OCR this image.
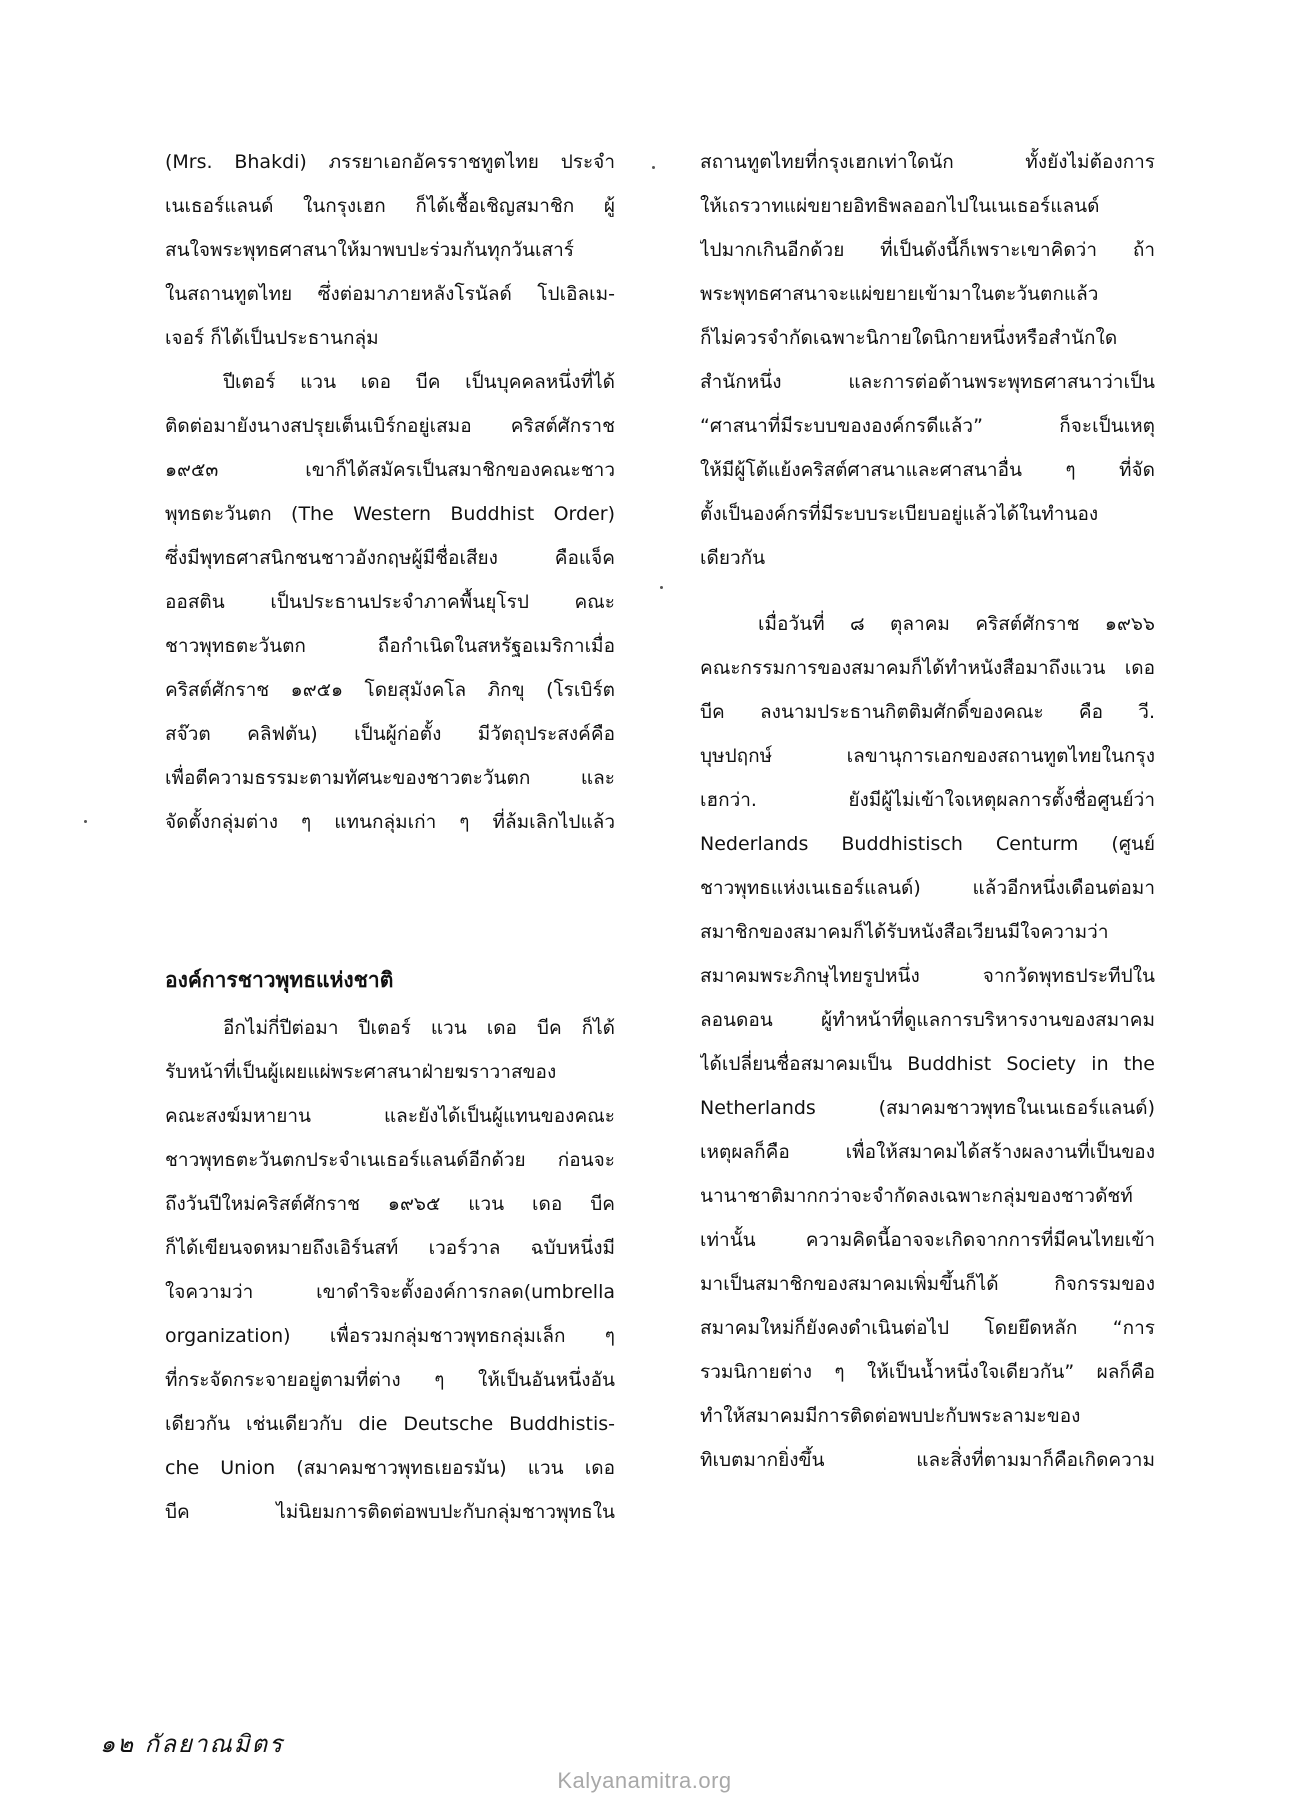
(Mrs. Bhakdi) ภรรยาเอกอัครราชทูตไทย ประจำ
เนเธอร์แลนด์ ในกรุงเฮก ก็ได้เชื้อเชิญสมาชิก ผู้
สนใจพระพุทธศาสนาให้มาพบปะร่วมกันทุกวันเสาร์
ในสถานทูตไทย ซึ่งต่อมาภายหลังโรนัลด์ โปเอิลเม-
เจอร์ ก็ได้เป็นประธานกลุ่ม
ปีเตอร์ แวน เดอ บีค เป็นบุคคลหนึ่งที่ได้
ติดต่อมายังนางสปรุยเต็นเบิร์กอยู่เสมอ คริสต์ศักราช
๑๙๕๓ เขาก็ได้สมัครเป็นสมาชิกของคณะชาว
พุทธตะวันตก (The Western Buddhist Order)
ซึ่งมีพุทธศาสนิกชนชาวอังกฤษผู้มีชื่อเสียง คือแจ็ค
ออสติน เป็นประธานประจำภาคพื้นยุโรป คณะ
ชาวพุทธตะวันตก ถือกำเนิดในสหรัฐอเมริกาเมื่อ
คริสต์ศักราช ๑๙๕๑ โดยสุมังคโล ภิกขุ (โรเบิร์ต
สจ๊วต คลิฟตัน) เป็นผู้ก่อตั้ง มีวัตถุประสงค์คือ
เพื่อตีความธรรมะตามทัศนะของชาวตะวันตก และ
จัดตั้งกลุ่มต่าง ๆ แทนกลุ่มเก่า ๆ ที่ล้มเลิกไปแล้ว
องค์การชาวพุทธแห่งชาติ
อีกไม่กี่ปีต่อมา ปีเตอร์ แวน เดอ บีค ก็ได้
รับหน้าที่เป็นผู้เผยแผ่พระศาสนาฝ่ายฆราวาสของ
คณะสงฆ์มหายาน และยังได้เป็นผู้แทนของคณะ
ชาวพุทธตะวันตกประจำเนเธอร์แลนด์อีกด้วย ก่อนจะ
ถึงวันปีใหม่คริสต์ศักราช ๑๙๖๕ แวน เดอ บีค
ก็ได้เขียนจดหมายถึงเอิร์นสท์ เวอร์วาล ฉบับหนึ่งมี
ใจความว่า เขาดำริจะตั้งองค์การกลด(umbrella
organization) เพื่อรวมกลุ่มชาวพุทธกลุ่มเล็ก ๆ
ที่กระจัดกระจายอยู่ตามที่ต่าง ๆ ให้เป็นอันหนึ่งอัน
เดียวกัน เช่นเดียวกับ die Deutsche Buddhistis-
che Union (สมาคมชาวพุทธเยอรมัน) แวน เดอ
บีค ไม่นิยมการติดต่อพบปะกับกลุ่มชาวพุทธใน
สถานทูตไทยที่กรุงเฮกเท่าใดนัก ทั้งยังไม่ต้องการ
ให้เถรวาทแผ่ขยายอิทธิพลออกไปในเนเธอร์แลนด์
ไปมากเกินอีกด้วย ที่เป็นดังนี้ก็เพราะเขาคิดว่า ถ้า
พระพุทธศาสนาจะแผ่ขยายเข้ามาในตะวันตกแล้ว
ก็ไม่ควรจำกัดเฉพาะนิกายใดนิกายหนึ่งหรือสำนักใด
สำนักหนึ่ง และการต่อต้านพระพุทธศาสนาว่าเป็น
“ศาสนาที่มีระบบขององค์กรดีแล้ว” ก็จะเป็นเหตุ
ให้มีผู้โต้แย้งคริสต์ศาสนาและศาสนาอื่น ๆ ที่จัด
ตั้งเป็นองค์กรที่มีระบบระเบียบอยู่แล้วได้ในทำนอง
เดียวกัน
เมื่อวันที่ ๘ ตุลาคม คริสต์ศักราช ๑๙๖๖
คณะกรรมการของสมาคมก็ได้ทำหนังสือมาถึงแวน เดอ
บีค ลงนามประธานกิตติมศักดิ์ของคณะ คือ วี.
บุษปฤกษ์ เลขานุการเอกของสถานทูตไทยในกรุง
เฮกว่า. ยังมีผู้ไม่เข้าใจเหตุผลการตั้งชื่อศูนย์ว่า
Nederlands Buddhistisch Centurm (ศูนย์
ชาวพุทธแห่งเนเธอร์แลนด์) แล้วอีกหนึ่งเดือนต่อมา
สมาชิกของสมาคมก็ได้รับหนังสือเวียนมีใจความว่า
สมาคมพระภิกษุไทยรูปหนึ่ง จากวัดพุทธประทีปใน
ลอนดอน ผู้ทำหน้าที่ดูแลการบริหารงานของสมาคม
ได้เปลี่ยนชื่อสมาคมเป็น Buddhist Society in the
Netherlands (สมาคมชาวพุทธในเนเธอร์แลนด์)
เหตุผลก็คือ เพื่อให้สมาคมได้สร้างผลงานที่เป็นของ
นานาชาติมากกว่าจะจำกัดลงเฉพาะกลุ่มของชาวดัชท์
เท่านั้น ความคิดนี้อาจจะเกิดจากการที่มีคนไทยเข้า
มาเป็นสมาชิกของสมาคมเพิ่มขึ้นก็ได้ กิจกรรมของ
สมาคมใหม่ก็ยังคงดำเนินต่อไป โดยยึดหลัก “การ
รวมนิกายต่าง ๆ ให้เป็นน้ำหนึ่งใจเดียวกัน” ผลก็คือ
ทำให้สมาคมมีการติดต่อพบปะกับพระลามะของ
ทิเบตมากยิ่งขึ้น และสิ่งที่ตามมาก็คือเกิดความ
๑๒ กัลยาณมิตร
Kalyanamitra.org
